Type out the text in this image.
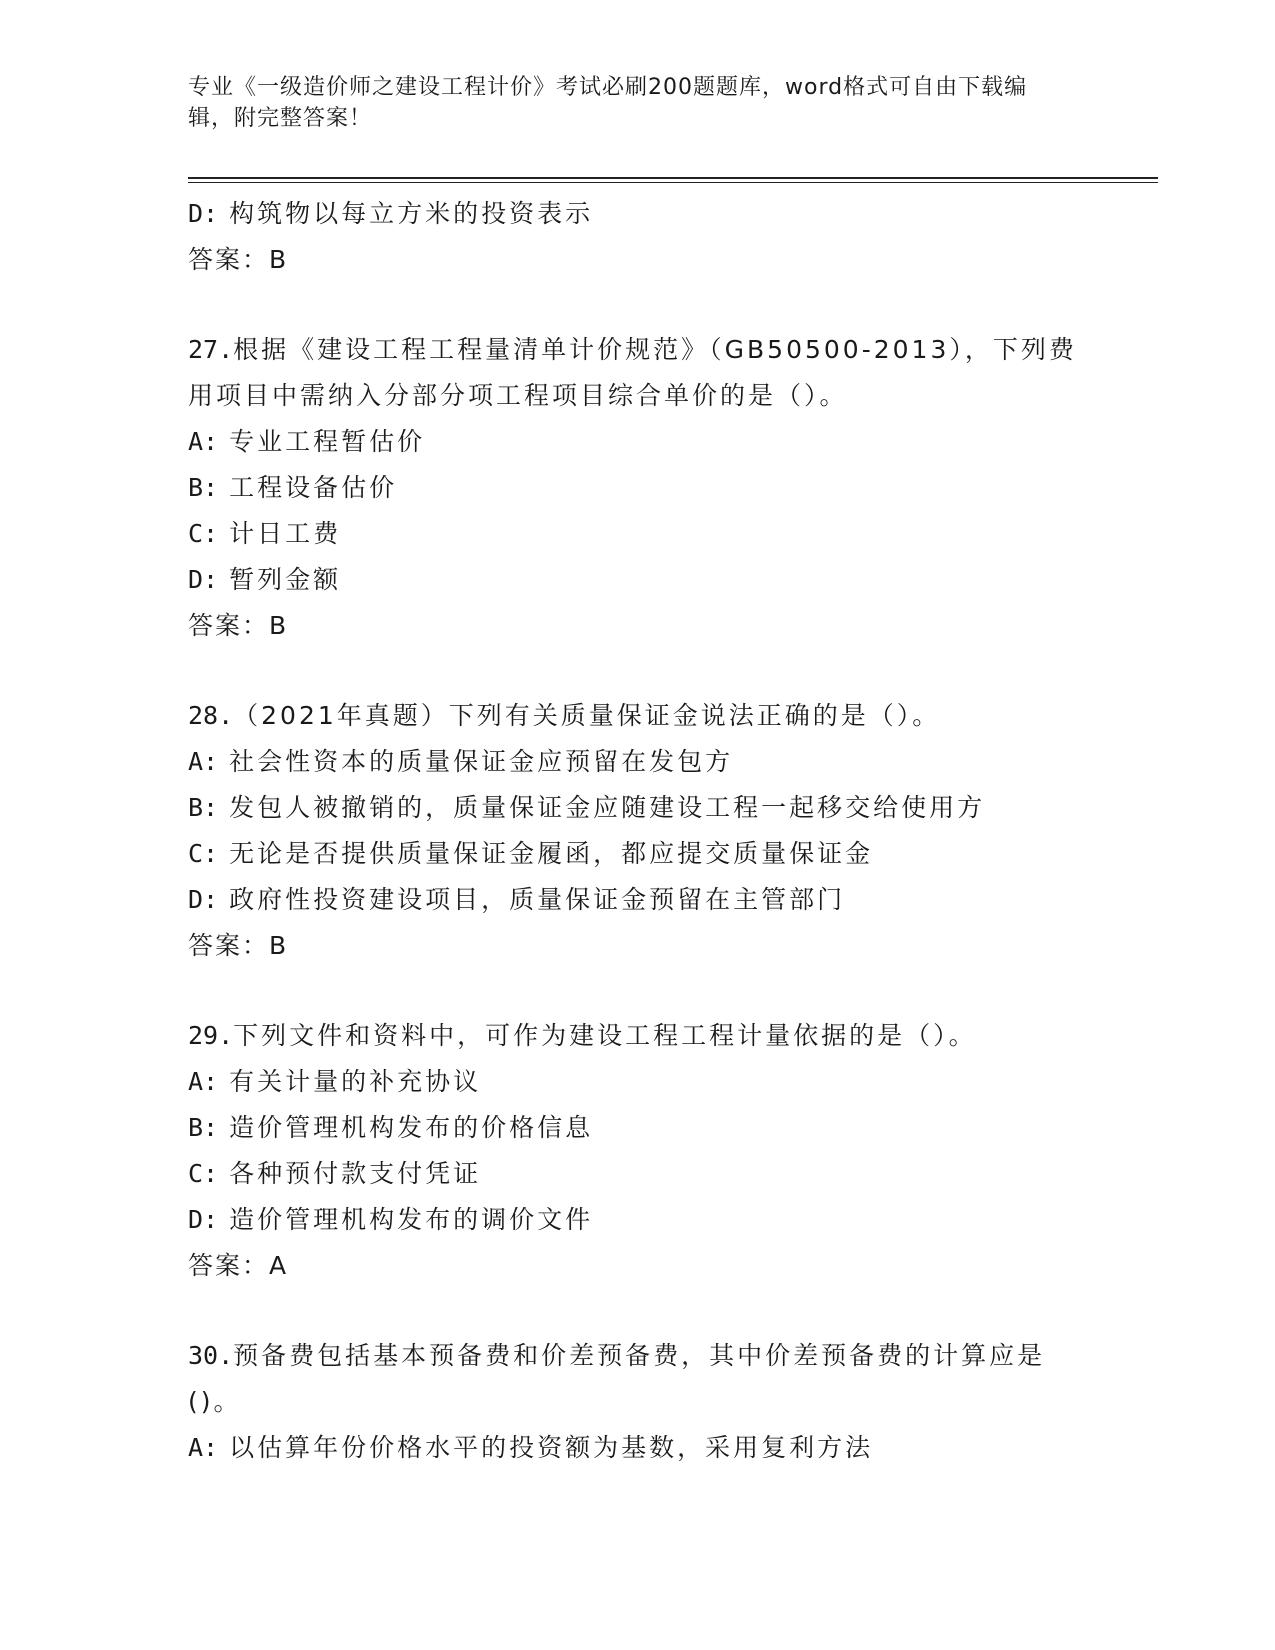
专业《一级造价师之建设工程计价》考试必刷200题题库，word格式可自由下载编辑，附完整答案！
D: 构筑物以每立方米的投资表示
答案：B
27.根据《建设工程工程量清单计价规范》（GB50500-2013），下列费用项目中需纳入分部分项工程项目综合单价的是（）。
A: 专业工程暂估价
B: 工程设备估价
C: 计日工费
D: 暂列金额
答案：B
28.（2021年真题）下列有关质量保证金说法正确的是（）。
A: 社会性资本的质量保证金应预留在发包方
B: 发包人被撤销的，质量保证金应随建设工程一起移交给使用方
C: 无论是否提供质量保证金履函，都应提交质量保证金
D: 政府性投资建设项目，质量保证金预留在主管部门
答案：B
29.下列文件和资料中，可作为建设工程工程计量依据的是（）。
A: 有关计量的补充协议
B: 造价管理机构发布的价格信息
C: 各种预付款支付凭证
D: 造价管理机构发布的调价文件
答案：A
30.预备费包括基本预备费和价差预备费，其中价差预备费的计算应是()。
A: 以估算年份价格水平的投资额为基数，采用复利方法
